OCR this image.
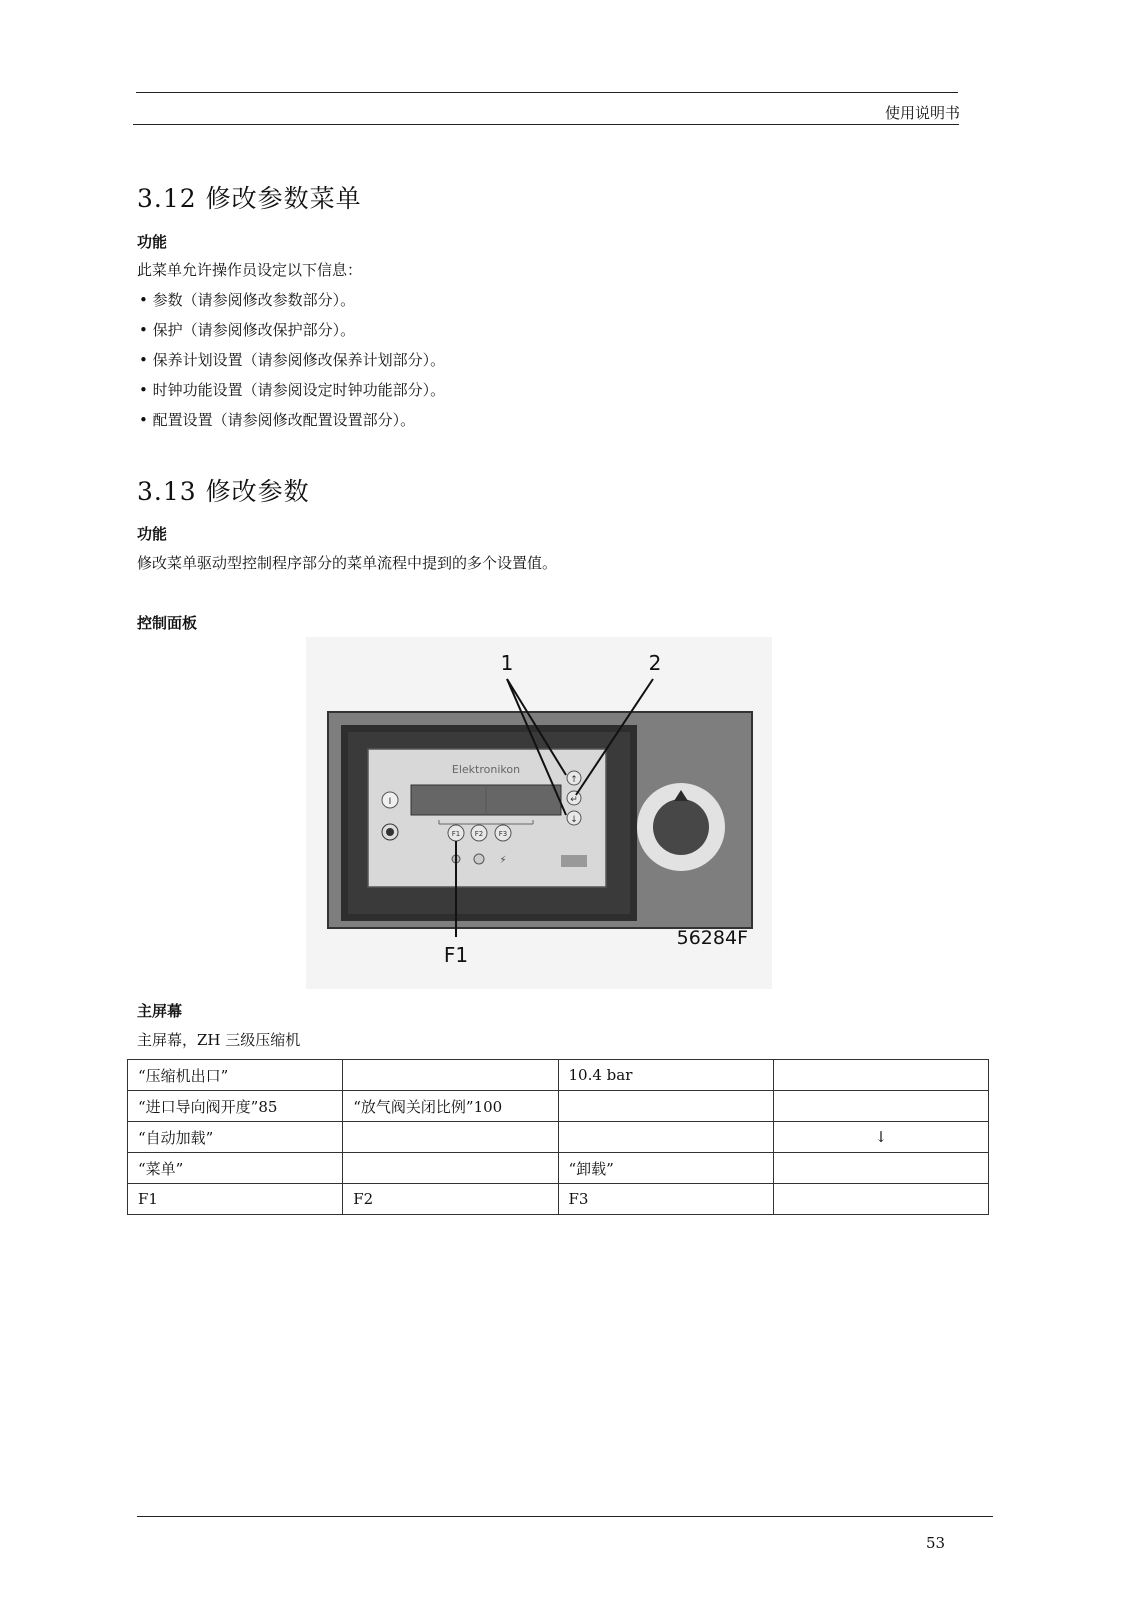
使用说明书
3.12 修改参数菜单
功能
此菜单允许操作员设定以下信息：
• 参数（请参阅修改参数部分）。
• 保护（请参阅修改保护部分）。
• 保养计划设置（请参阅修改保养计划部分）。
• 时钟功能设置（请参阅设定时钟功能部分）。
• 配置设置（请参阅修改配置设置部分）。
3.13 修改参数
功能
修改菜单驱动型控制程序部分的菜单流程中提到的多个设置值。
控制面板
Elektronikon
I
F1 F2 F3
⚡
↑
↵
↓
1	2
F1
56284F
主屏幕
主屏幕，ZH 三级压缩机
“压缩机出口”		10.4 bar	
“进口导向阀开度”85	“放气阀关闭比例”100		
“自动加载”			↓
“菜单”		“卸载”	
F1	F2	F3	
53
